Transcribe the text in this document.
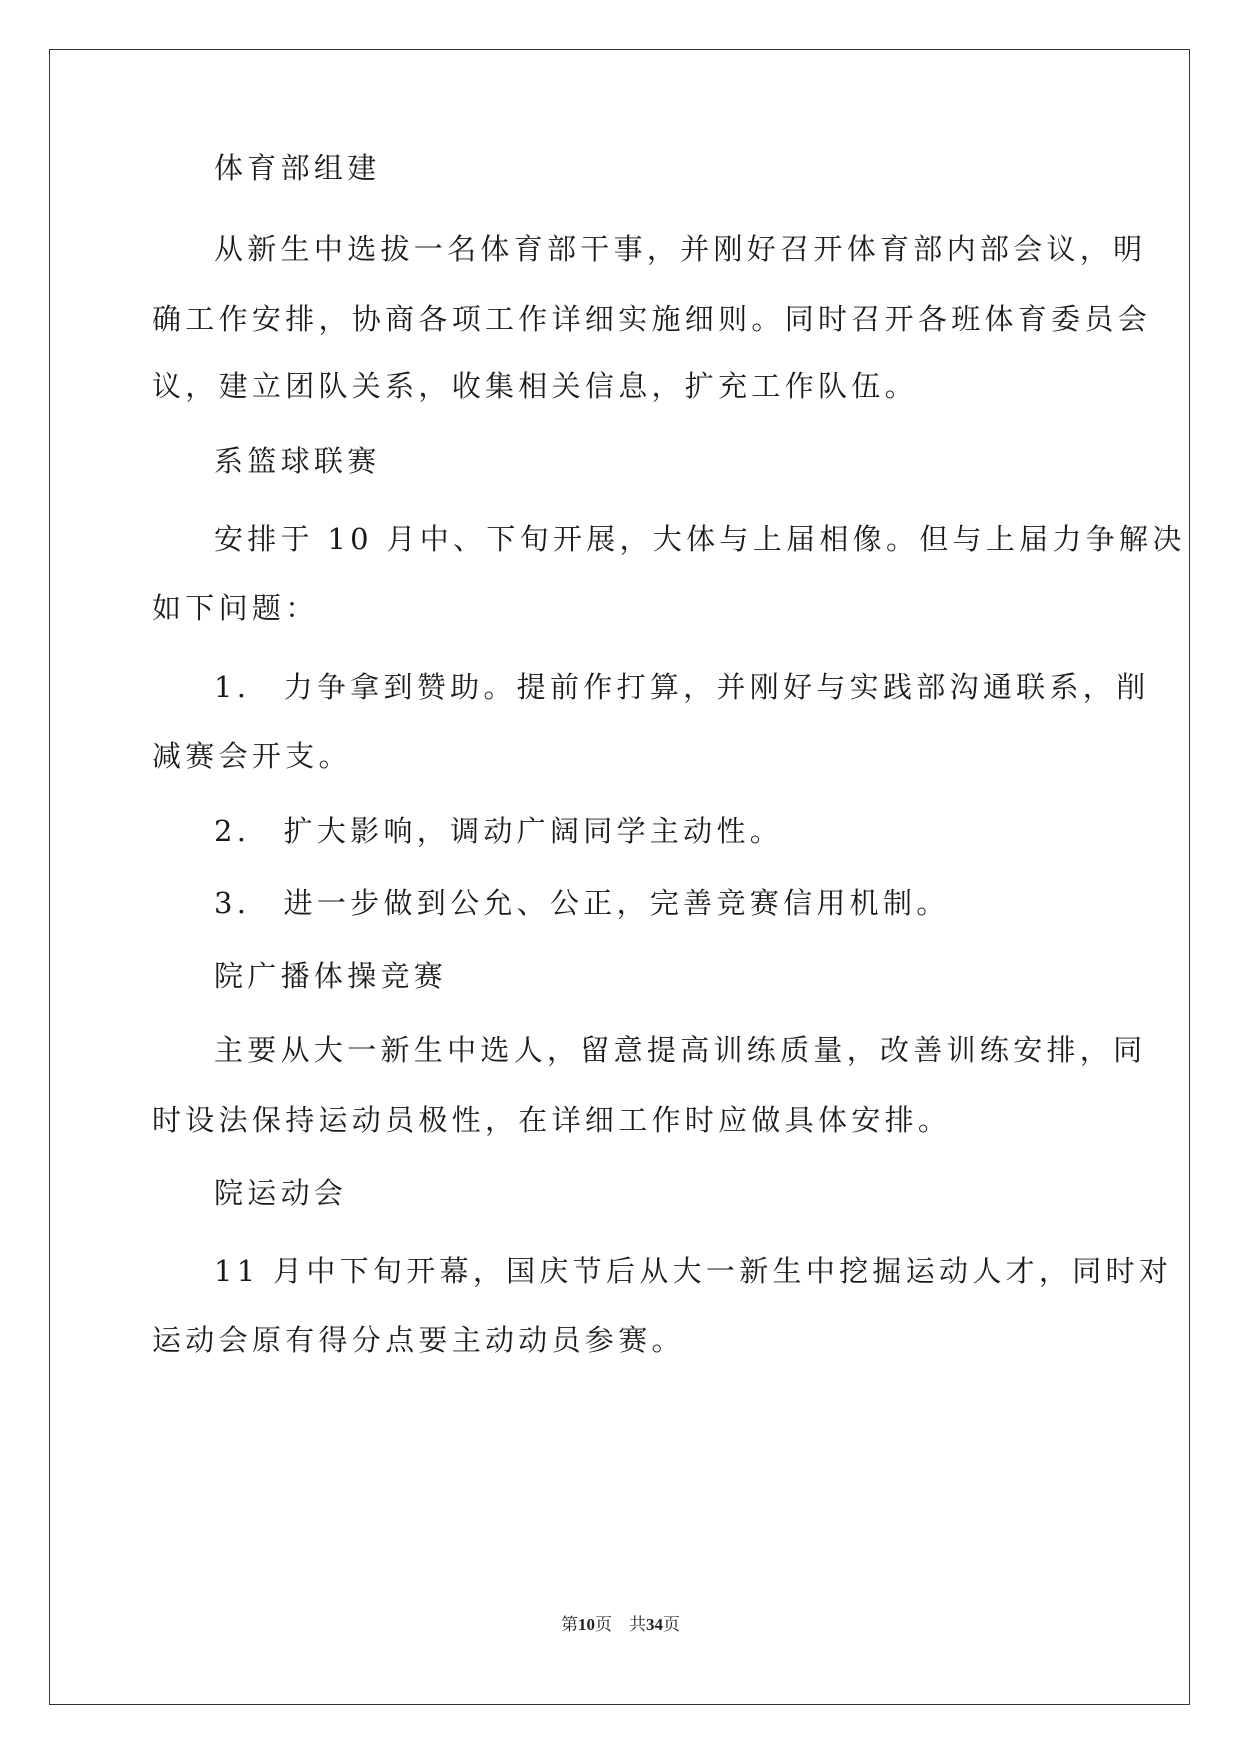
体育部组建
从新生中选拔一名体育部干事，并刚好召开体育部内部会议，明
确工作安排，协商各项工作详细实施细则。同时召开各班体育委员会
议，建立团队关系，收集相关信息，扩充工作队伍。
系篮球联赛
安排于 10 月中、下旬开展，大体与上届相像。但与上届力争解决
如下问题：
1.　力争拿到赞助。提前作打算，并刚好与实践部沟通联系，削
减赛会开支。
2.　扩大影响，调动广阔同学主动性。
3.　进一步做到公允、公正，完善竞赛信用机制。
院广播体操竞赛
主要从大一新生中选人，留意提高训练质量，改善训练安排，同
时设法保持运动员极性，在详细工作时应做具体安排。
院运动会
11 月中下旬开幕，国庆节后从大一新生中挖掘运动人才，同时对
运动会原有得分点要主动动员参赛。
第10页　共34页
